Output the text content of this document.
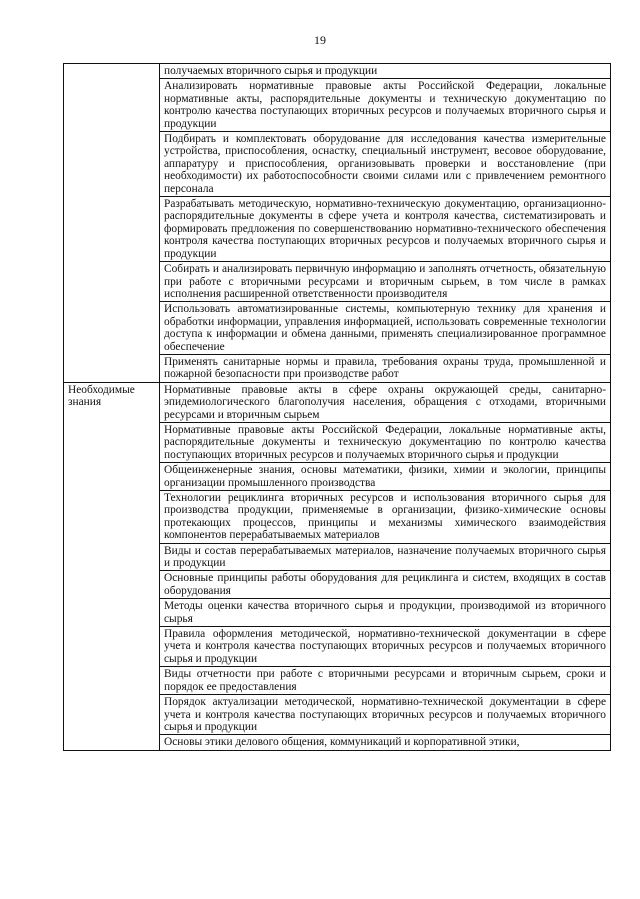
19
	получаемых вторичного сырья и продукции
	Анализировать нормативные правовые акты Российской Федерации, локальные нормативные акты, распорядительные документы и техническую документацию по контролю качества поступающих вторичных ресурсов и получаемых вторичного сырья и продукции
	Подбирать и комплектовать оборудование для исследования качества измерительные устройства, приспособления, оснастку, специальный инструмент, весовое оборудование, аппаратуру и приспособления, организовывать проверки и восстановление (при необходимости) их работоспособности своими силами или с привлечением ремонтного персонала
	Разрабатывать методическую, нормативно-техническую документацию, организационно-распорядительные документы в сфере учета и контроля качества, систематизировать и формировать предложения по совершенствованию нормативно-технического обеспечения контроля качества поступающих вторичных ресурсов и получаемых вторичного сырья и продукции
	Собирать и анализировать первичную информацию и заполнять отчетность, обязательную при работе с вторичными ресурсами и вторичным сырьем, в том числе в рамках исполнения расширенной ответственности производителя
	Использовать автоматизированные системы, компьютерную технику для хранения и обработки информации, управления информацией, использовать современные технологии доступа к информации и обмена данными, применять специализированное программное обеспечение
	Применять санитарные нормы и правила, требования охраны труда, промышленной и пожарной безопасности при производстве работ
Необходимые знания	Нормативные правовые акты в сфере охраны окружающей среды, санитарно-эпидемиологического благополучия населения, обращения с отходами, вторичными ресурсами и вторичным сырьем
	Нормативные правовые акты Российской Федерации, локальные нормативные акты, распорядительные документы и техническую документацию по контролю качества поступающих вторичных ресурсов и получаемых вторичного сырья и продукции
	Общеинженерные знания, основы математики, физики, химии и экологии, принципы организации промышленного производства
	Технологии рециклинга вторичных ресурсов и использования вторичного сырья для производства продукции, применяемые в организации, физико-химические основы протекающих процессов, принципы и механизмы химического взаимодействия компонентов перерабатываемых материалов
	Виды и состав перерабатываемых материалов, назначение получаемых вторичного сырья и продукции
	Основные принципы работы оборудования для рециклинга и систем, входящих в состав оборудования
	Методы оценки качества вторичного сырья и продукции, производимой из вторичного сырья
	Правила оформления методической, нормативно-технической документации в сфере учета и контроля качества поступающих вторичных ресурсов и получаемых вторичного сырья и продукции
	Виды отчетности при работе с вторичными ресурсами и вторичным сырьем, сроки и порядок ее предоставления
	Порядок актуализации методической, нормативно-технической документации в сфере учета и контроля качества поступающих вторичных ресурсов и получаемых вторичного сырья и продукции
	Основы этики делового общения, коммуникаций и корпоративной этики,
